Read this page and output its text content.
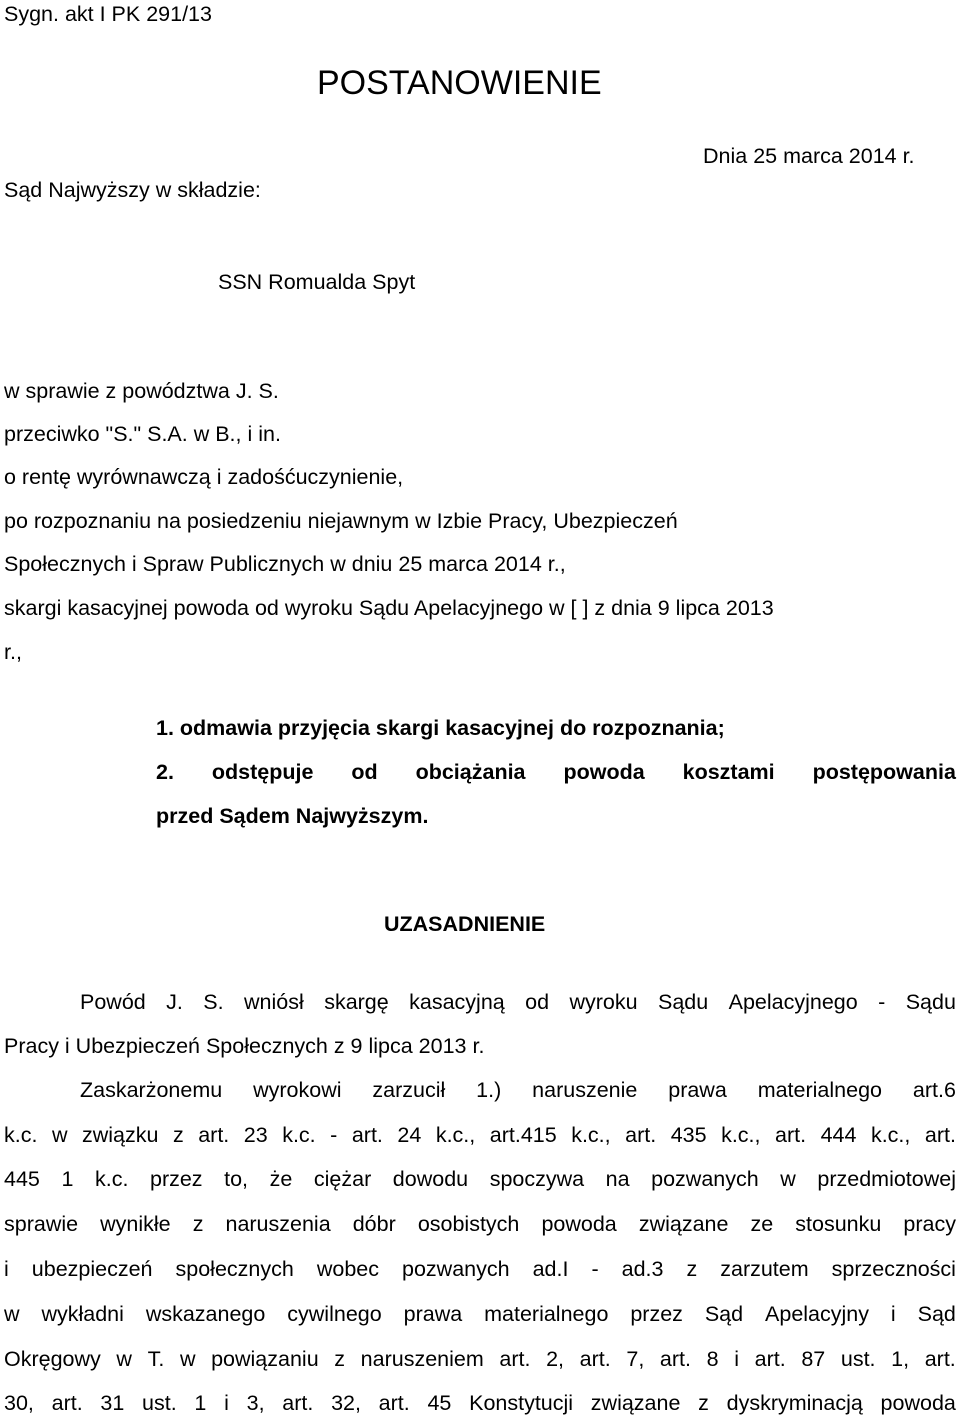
Sygn. akt I PK 291/13
POSTANOWIENIE
Dnia 25 marca 2014 r.
Sąd Najwyższy w składzie:
SSN Romualda Spyt
w sprawie z powództwa J. S.
przeciwko "S." S.A. w B., i in.
o rentę wyrównawczą i zadośćuczynienie,
po rozpoznaniu na posiedzeniu niejawnym w Izbie Pracy, Ubezpieczeń
Społecznych i Spraw Publicznych w dniu 25 marca 2014 r.,
skargi kasacyjnej powoda od wyroku Sądu Apelacyjnego w [ ] z dnia 9 lipca 2013
r.,
1. odmawia przyjęcia skargi kasacyjnej do rozpoznania;
2. odstępuje od obciążania powoda kosztami postępowania
przed Sądem Najwyższym.
UZASADNIENIE
Powód J. S. wniósł skargę kasacyjną od wyroku Sądu Apelacyjnego - Sądu
Pracy i Ubezpieczeń Społecznych z 9 lipca 2013 r.
Zaskarżonemu wyrokowi zarzucił 1.) naruszenie prawa materialnego art.6
k.c. w związku z art. 23 k.c. - art. 24 k.c., art.415 k.c., art. 435 k.c., art. 444 k.c., art.
445 1 k.c. przez to, że ciężar dowodu spoczywa na pozwanych w przedmiotowej
sprawie wynikłe z naruszenia dóbr osobistych powoda związane ze stosunku pracy
i ubezpieczeń społecznych wobec pozwanych ad.I - ad.3 z zarzutem sprzeczności
w wykładni wskazanego cywilnego prawa materialnego przez Sąd Apelacyjny i Sąd
Okręgowy w T. w powiązaniu z naruszeniem art. 2, art. 7, art. 8 i art. 87 ust. 1, art.
30, art. 31 ust. 1 i 3, art. 32, art. 45 Konstytucji związane z dyskryminacją powoda
